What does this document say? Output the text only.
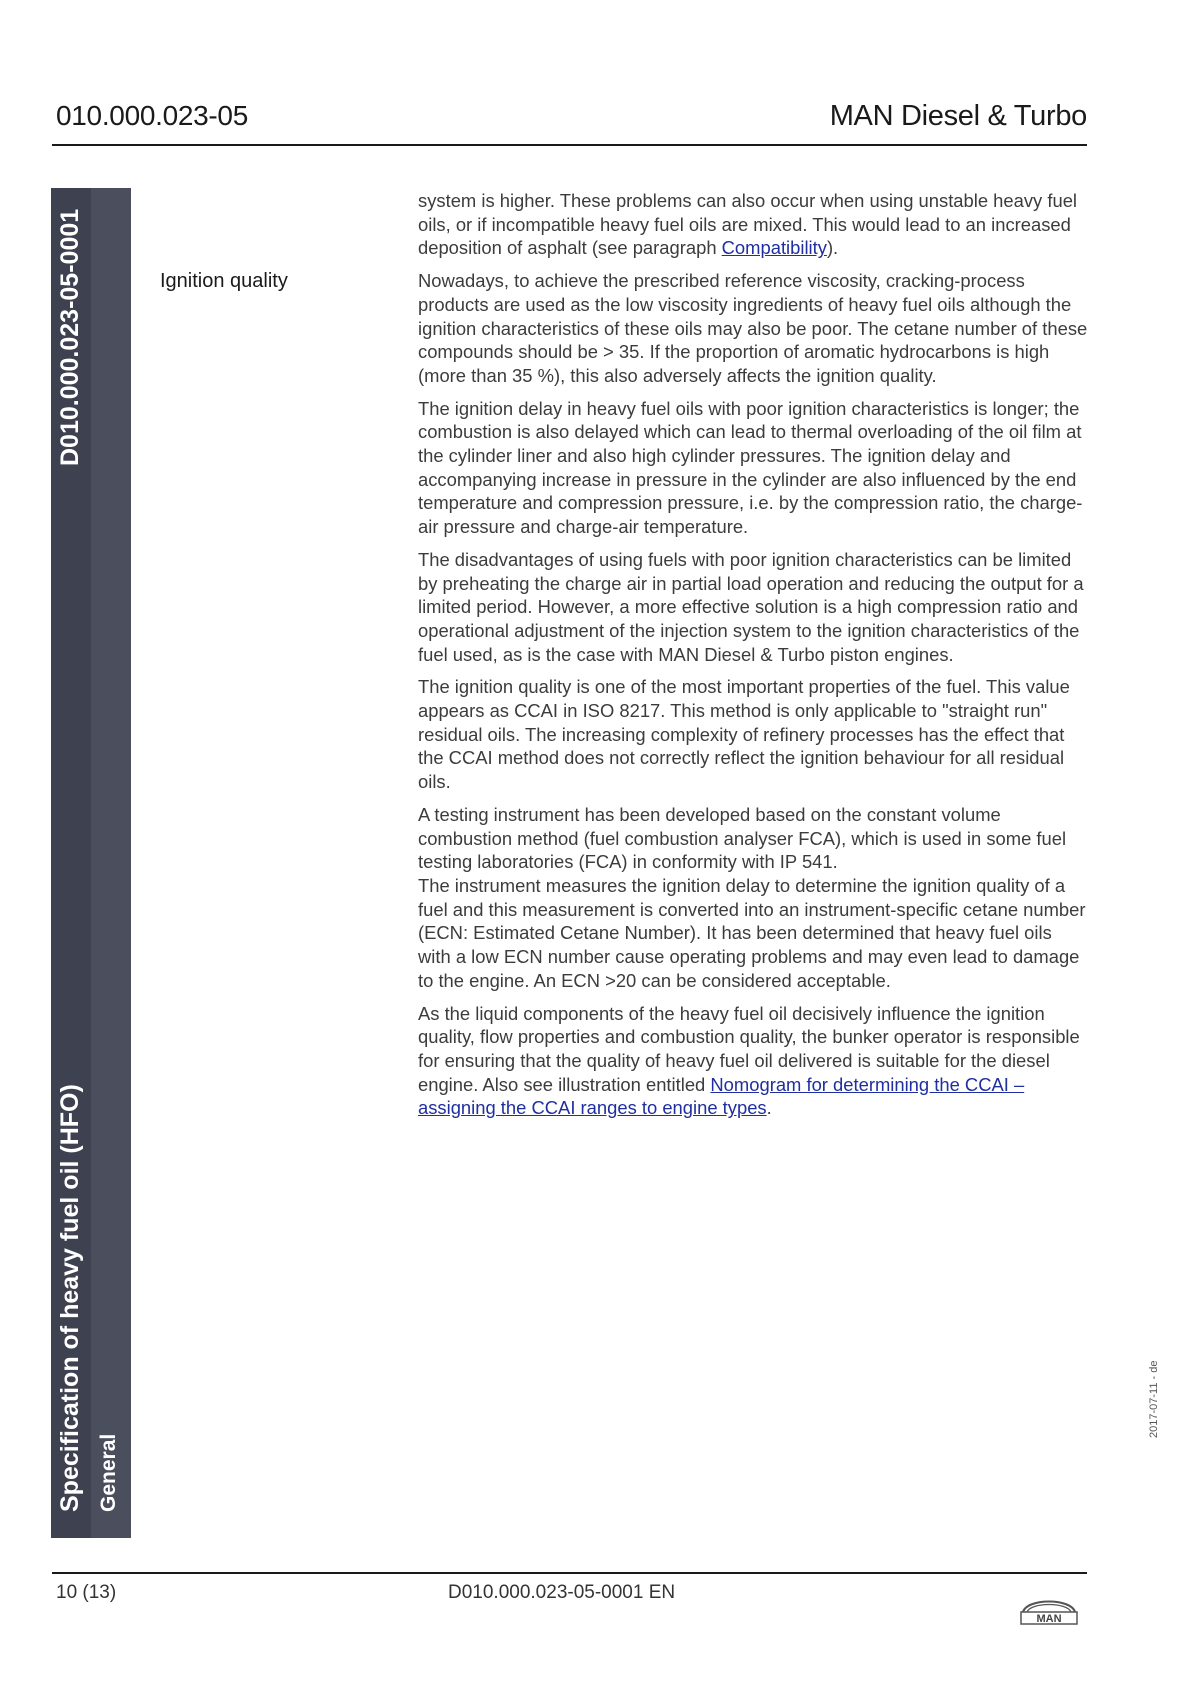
010.000.023-05	MAN Diesel & Turbo
Specification of heavy fuel oil (HFO)
D010.000.023-05-0001
General
Ignition quality

system is higher. These problems can also occur when using unstable heavy fuel oils, or if incompatible heavy fuel oils are mixed. This would lead to an increased deposition of asphalt (see paragraph Compatibility).

Nowadays, to achieve the prescribed reference viscosity, cracking-process products are used as the low viscosity ingredients of heavy fuel oils although the ignition characteristics of these oils may also be poor. The cetane number of these compounds should be > 35. If the proportion of aromatic hydrocarbons is high (more than 35 %), this also adversely affects the ignition quality.

The ignition delay in heavy fuel oils with poor ignition characteristics is longer; the combustion is also delayed which can lead to thermal overloading of the oil film at the cylinder liner and also high cylinder pressures. The ignition delay and accompanying increase in pressure in the cylinder are also influenced by the end temperature and compression pressure, i.e. by the compression ratio, the charge-air pressure and charge-air temperature.

The disadvantages of using fuels with poor ignition characteristics can be limited by preheating the charge air in partial load operation and reducing the output for a limited period. However, a more effective solution is a high compression ratio and operational adjustment of the injection system to the ignition characteristics of the fuel used, as is the case with MAN Diesel & Turbo piston engines.

The ignition quality is one of the most important properties of the fuel. This value appears as CCAI in ISO 8217. This method is only applicable to "straight run" residual oils. The increasing complexity of refinery processes has the effect that the CCAI method does not correctly reflect the ignition behaviour for all residual oils.

A testing instrument has been developed based on the constant volume combustion method (fuel combustion analyser FCA), which is used in some fuel testing laboratories (FCA) in conformity with IP 541.
The instrument measures the ignition delay to determine the ignition quality of a fuel and this measurement is converted into an instrument-specific cetane number (ECN: Estimated Cetane Number). It has been determined that heavy fuel oils with a low ECN number cause operating problems and may even lead to damage to the engine. An ECN >20 can be considered acceptable.

As the liquid components of the heavy fuel oil decisively influence the ignition quality, flow properties and combustion quality, the bunker operator is responsible for ensuring that the quality of heavy fuel oil delivered is suitable for the diesel engine. Also see illustration entitled Nomogram for determining the CCAI – assigning the CCAI ranges to engine types.

2017-07-11 - de
10 (13)	D010.000.023-05-0001 EN
MAN
